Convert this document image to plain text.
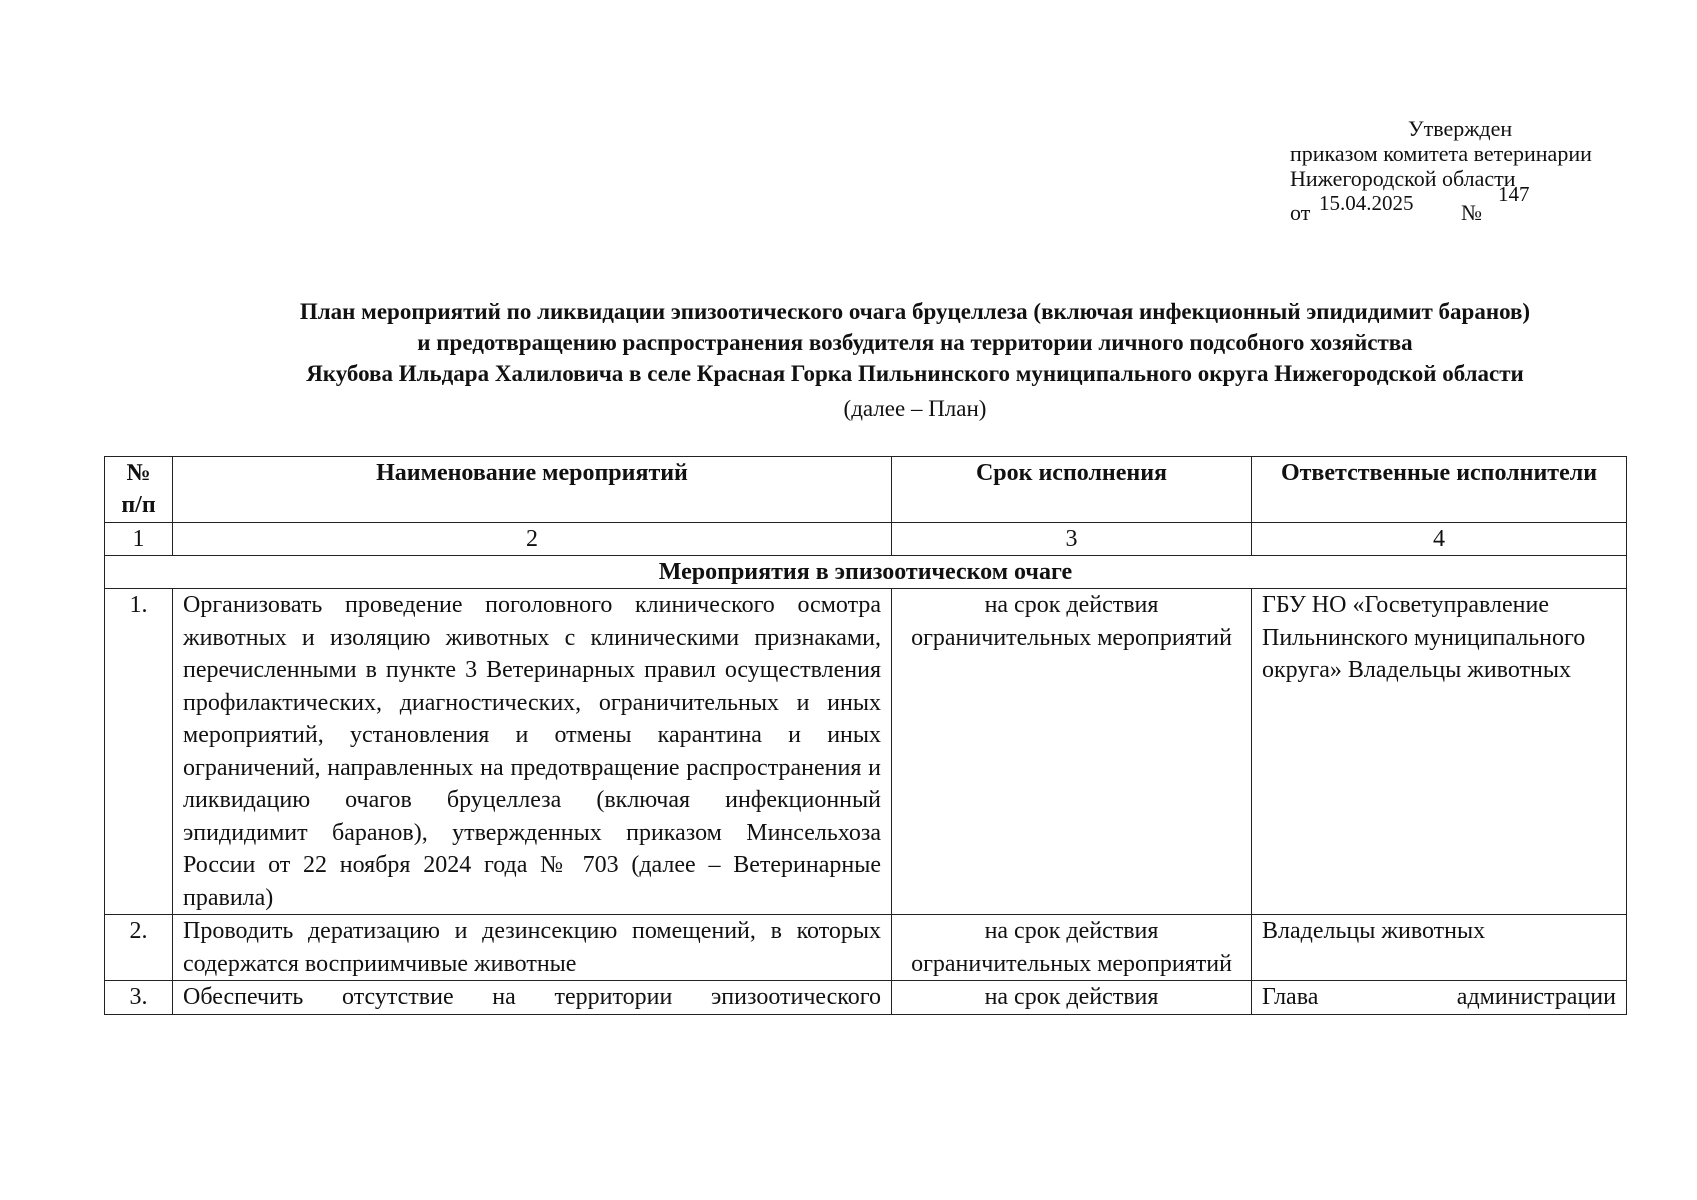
Утвержден
приказом комитета ветеринарии
Нижегородской области
от 15.04.2025 №
147
План мероприятий по ликвидации эпизоотического очага бруцеллеза (включая инфекционный эпидидимит баранов)
и предотвращению распространения возбудителя на территории личного подсобного хозяйства
Якубова Ильдара Халиловича в селе Красная Горка Пильнинского муниципального округа Нижегородской области
(далее – План)
№ п/п	Наименование мероприятий	Срок исполнения	Ответственные исполнители
1	2	3	4
Мероприятия в эпизоотическом очаге			
1.	Организовать проведение поголовного клинического осмотра животных и изоляцию животных с клиническими признаками, перечисленными в пункте 3 Ветеринарных правил осуществления профилактических, диагностических, ограничительных и иных мероприятий, установления и отмены карантина и иных ограничений, направленных на предотвращение распространения и ликвидацию очагов бруцеллеза (включая инфекционный эпидидимит баранов), утвержденных приказом Минсельхоза России от 22 ноября 2024 года № 703 (далее – Ветеринарные правила)	на срок действия ограничительных мероприятий	ГБУ НО «Госветуправление Пильнинского муниципального округа» Владельцы животных
2.	Проводить дератизацию и дезинсекцию помещений, в которых содержатся восприимчивые животные	на срок действия ограничительных мероприятий	Владельцы животных
3.	Обеспечить отсутствие на территории эпизоотического	на срок действия	Глава администрации
